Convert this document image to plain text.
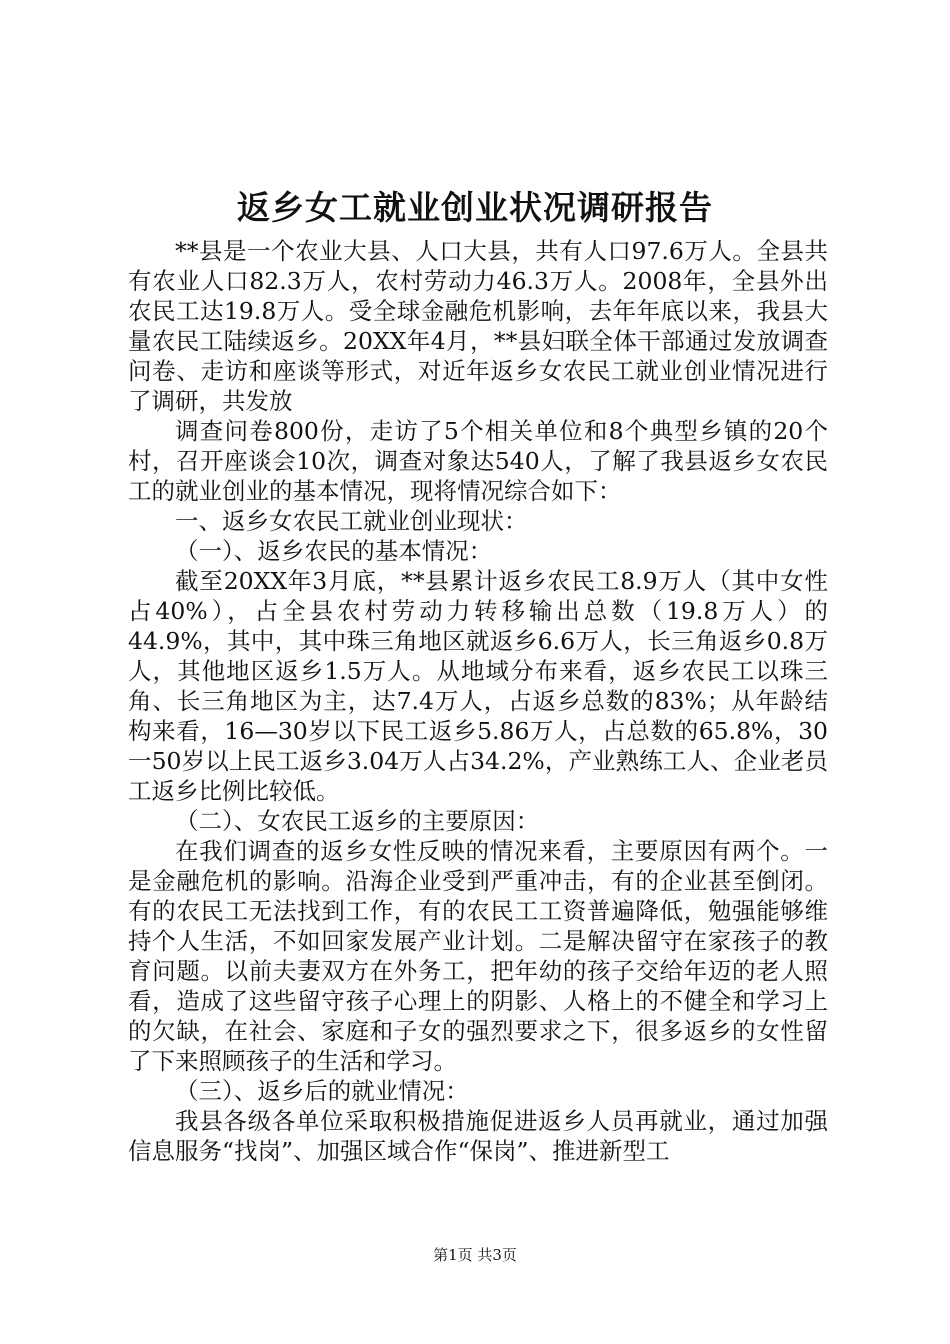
返乡女工就业创业状况调研报告

**县是一个农业大县、人口大县，共有人口97.6万人。全县共有农业人口82.3万人，农村劳动力46.3万人。2008年，全县外出农民工达19.8万人。受全球金融危机影响，去年年底以来，我县大量农民工陆续返乡。20XX年4月，**县妇联全体干部通过发放调查问卷、走访和座谈等形式，对近年返乡女农民工就业创业情况进行了调研，共发放

调查问卷800份，走访了5个相关单位和8个典型乡镇的20个村，召开座谈会10次，调查对象达540人，了解了我县返乡女农民工的就业创业的基本情况，现将情况综合如下：

一、返乡女农民工就业创业现状：

（一）、返乡农民的基本情况：

截至20XX年3月底，**县累计返乡农民工8.9万人（其中女性占40%），占全县农村劳动力转移输出总数（19.8万人）的44.9%，其中，其中珠三角地区就返乡6.6万人，长三角返乡0.8万人，其他地区返乡1.5万人。从地域分布来看，返乡农民工以珠三角、长三角地区为主，达7.4万人，占返乡总数的83%；从年龄结构来看，16—30岁以下民工返乡5.86万人，占总数的65.8%，30一50岁以上民工返乡3.04万人占34.2%，产业熟练工人、企业老员工返乡比例比较低。

（二）、女农民工返乡的主要原因：

在我们调查的返乡女性反映的情况来看，主要原因有两个。一是金融危机的影响。沿海企业受到严重冲击，有的企业甚至倒闭。有的农民工无法找到工作，有的农民工工资普遍降低，勉强能够维持个人生活，不如回家发展产业计划。二是解决留守在家孩子的教育问题。以前夫妻双方在外务工，把年幼的孩子交给年迈的老人照看，造成了这些留守孩子心理上的阴影、人格上的不健全和学习上的欠缺，在社会、家庭和子女的强烈要求之下，很多返乡的女性留了下来照顾孩子的生活和学习。

（三）、返乡后的就业情况：

我县各级各单位采取积极措施促进返乡人员再就业，通过加强信息服务“找岗”、加强区域合作“保岗”、推进新型工

第1页 共3页
